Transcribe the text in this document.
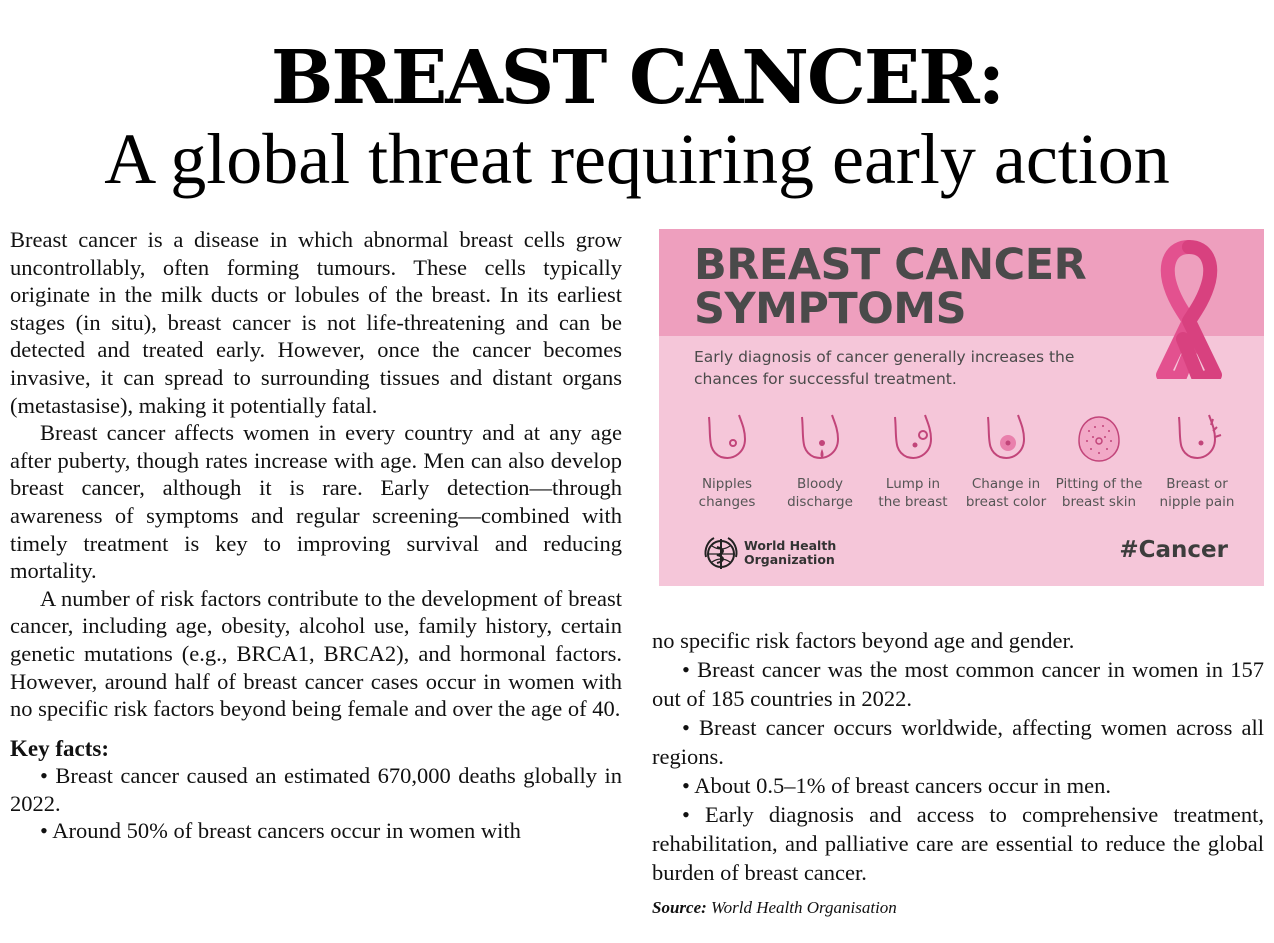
BREAST CANCER:
A global threat requiring early action

Breast cancer is a disease in which abnormal breast cells grow uncontrollably, often forming tumours. These cells typically originate in the milk ducts or lobules of the breast. In its earliest stages (in situ), breast cancer is not life-threatening and can be detected and treated early. However, once the cancer becomes invasive, it can spread to surrounding tissues and distant organs (metastasise), making it potentially fatal.

Breast cancer affects women in every country and at any age after puberty, though rates increase with age. Men can also develop breast cancer, although it is rare. Early detection—through awareness of symptoms and regular screening—combined with timely treatment is key to improving survival and reducing mortality.

A number of risk factors contribute to the development of breast cancer, including age, obesity, alcohol use, family history, certain genetic mutations (e.g., BRCA1, BRCA2), and hormonal factors. However, around half of breast cancer cases occur in women with no specific risk factors beyond being female and over the age of 40.

Key facts:

• Breast cancer caused an estimated 670,000 deaths globally in 2022.

• Around 50% of breast cancers occur in women with

BREAST CANCER
SYMPTOMS
Early diagnosis of cancer generally increases the chances for successful treatment.
Nipples
changes
Bloody
discharge
Lump in
the breast
Change in
breast color
Pitting of the
breast skin
Breast or
nipple pain
World Health
Organization	#Cancer

no specific risk factors beyond age and gender.

• Breast cancer was the most common cancer in women in 157 out of 185 countries in 2022.

• Breast cancer occurs worldwide, affecting women across all regions.

• About 0.5–1% of breast cancers occur in men.

• Early diagnosis and access to comprehensive treatment, rehabilitation, and palliative care are essential to reduce the global burden of breast cancer.

Source: World Health Organisation
